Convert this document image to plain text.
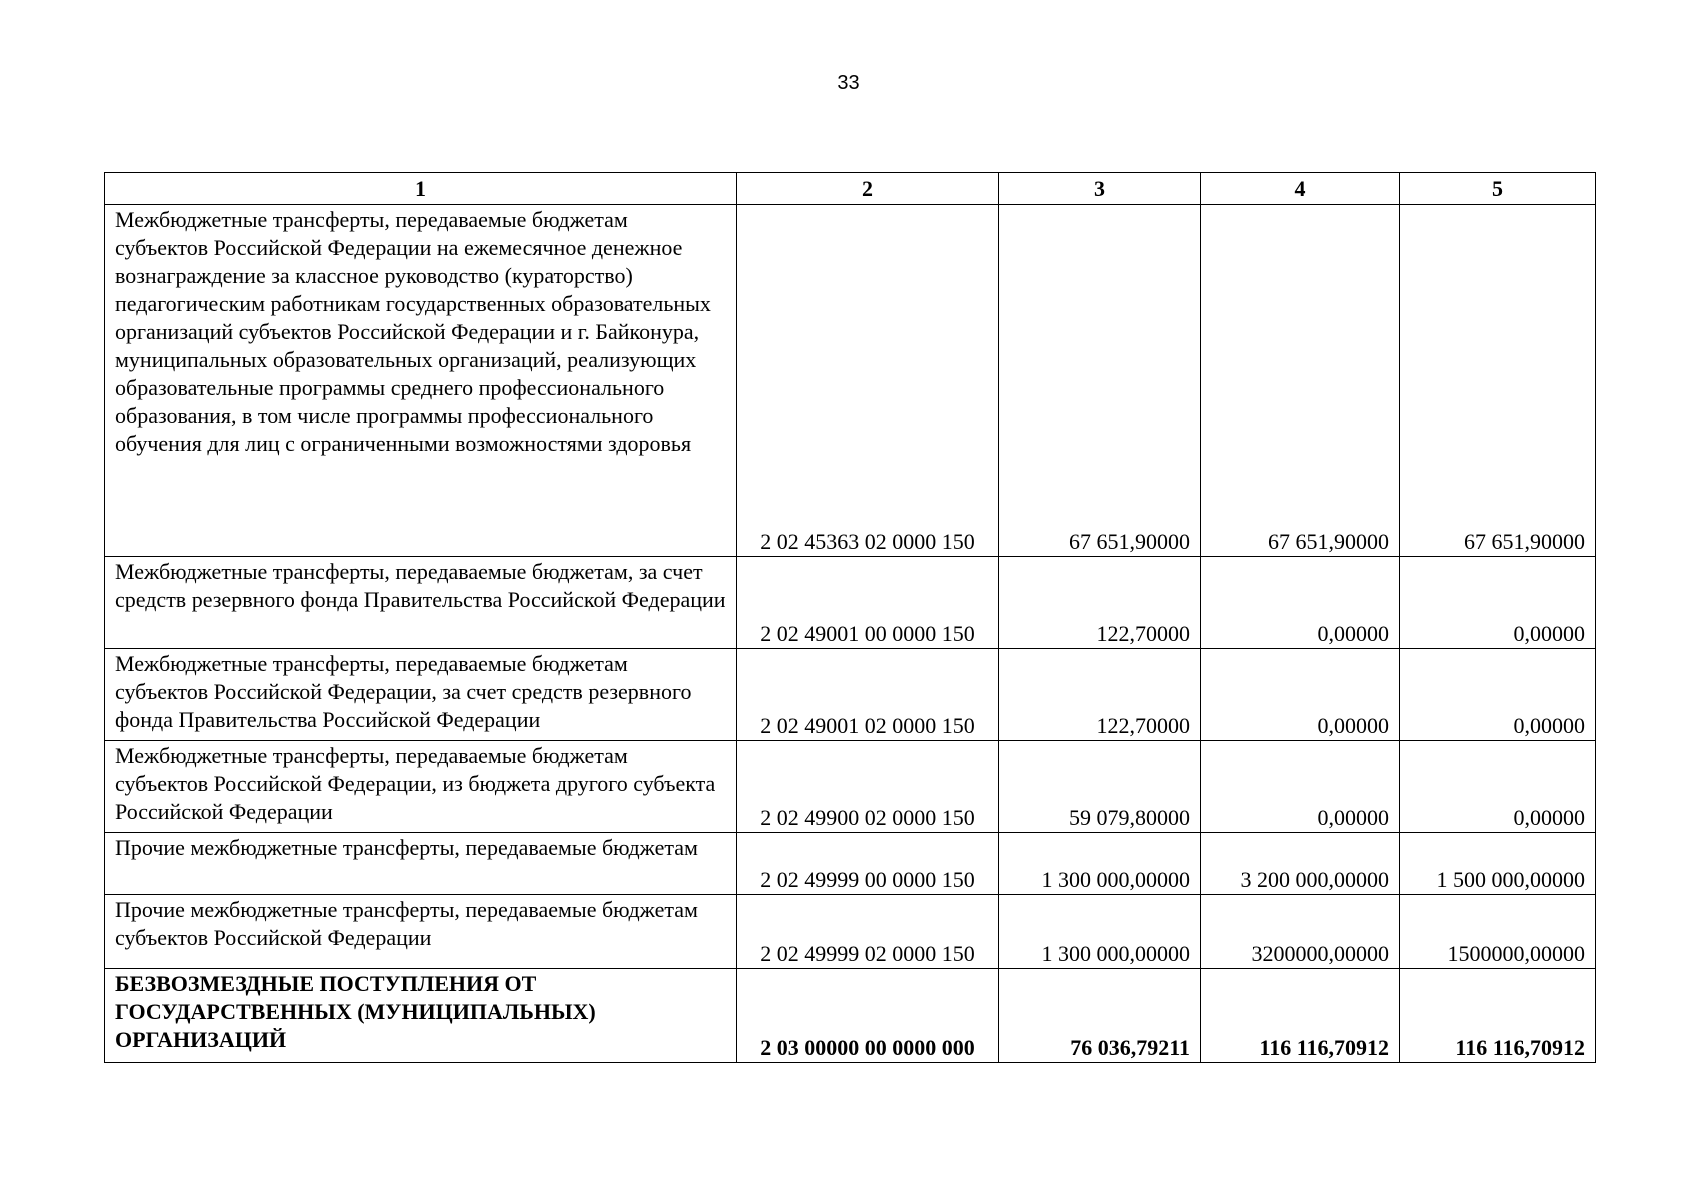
33
1	2	3	4	5
Межбюджетные трансферты, передаваемые бюджетам субъектов Российской Федерации на ежемесячное денежное вознаграждение за классное руководство (кураторство) педагогическим работникам государственных образовательных организаций субъектов Российской Федерации и г. Байконура, муниципальных образовательных организаций, реализующих образовательные программы среднего профессионального образования, в том числе программы профессионального обучения для лиц с ограниченными возможностями здоровья	2 02 45363 02 0000 150	67 651,90000	67 651,90000	67 651,90000
Межбюджетные трансферты, передаваемые бюджетам, за счет средств резервного фонда Правительства Российской Федерации	2 02 49001 00 0000 150	122,70000	0,00000	0,00000
Межбюджетные трансферты, передаваемые бюджетам субъектов Российской Федерации, за счет средств резервного фонда Правительства Российской Федерации	2 02 49001 02 0000 150	122,70000	0,00000	0,00000
Межбюджетные трансферты, передаваемые бюджетам субъектов Российской Федерации, из бюджета другого субъекта Российской Федерации	2 02 49900 02 0000 150	59 079,80000	0,00000	0,00000
Прочие межбюджетные трансферты, передаваемые бюджетам	2 02 49999 00 0000 150	1 300 000,00000	3 200 000,00000	1 500 000,00000
Прочие межбюджетные трансферты, передаваемые бюджетам субъектов Российской Федерации	2 02 49999 02 0000 150	1 300 000,00000	3200000,00000	1500000,00000
БЕЗВОЗМЕЗДНЫЕ ПОСТУПЛЕНИЯ ОТ ГОСУДАРСТВЕННЫХ (МУНИЦИПАЛЬНЫХ) ОРГАНИЗАЦИЙ	2 03 00000 00 0000 000	76 036,79211	116 116,70912	116 116,70912
